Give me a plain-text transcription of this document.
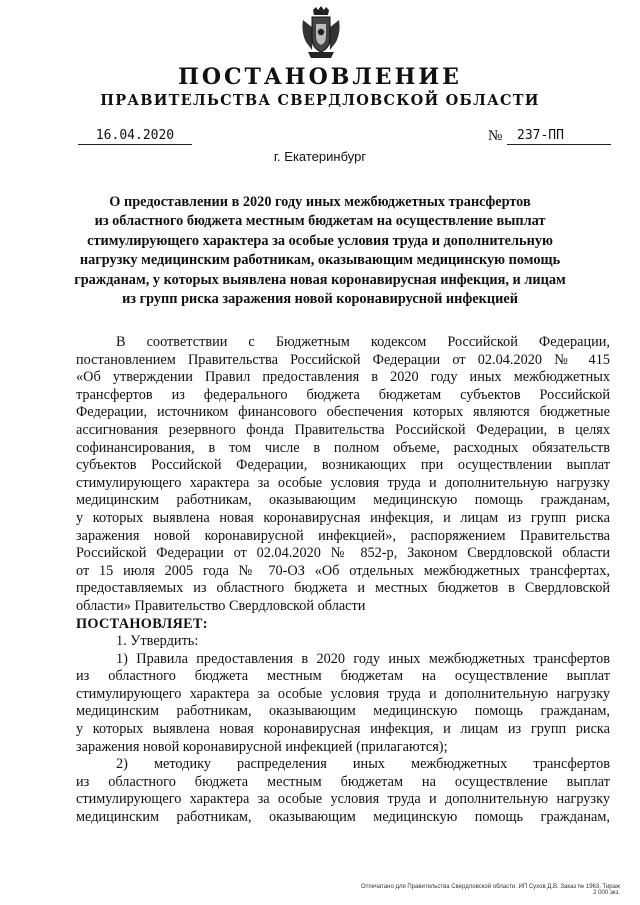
ПОСТАНОВЛЕНИЕ
ПРАВИТЕЛЬСТВА СВЕРДЛОВСКОЙ ОБЛАСТИ
16.04.2020	№	237-ПП
г. Екатеринбург
О предоставлении в 2020 году иных межбюджетных трансфертов
из областного бюджета местным бюджетам на осуществление выплат
стимулирующего характера за особые условия труда и дополнительную
нагрузку медицинским работникам, оказывающим медицинскую помощь
гражданам, у которых выявлена новая коронавирусная инфекция, и лицам
из групп риска заражения новой коронавирусной инфекцией
В соответствии с Бюджетным кодексом Российской Федерации,
постановлением Правительства Российской Федерации от 02.04.2020 № 415
«Об утверждении Правил предоставления в 2020 году иных межбюджетных
трансфертов из федерального бюджета бюджетам субъектов Российской
Федерации, источником финансового обеспечения которых являются бюджетные
ассигнования резервного фонда Правительства Российской Федерации, в целях
софинансирования, в том числе в полном объеме, расходных обязательств
субъектов Российской Федерации, возникающих при осуществлении выплат
стимулирующего характера за особые условия труда и дополнительную нагрузку
медицинским работникам, оказывающим медицинскую помощь гражданам,
у которых выявлена новая коронавирусная инфекция, и лицам из групп риска
заражения новой коронавирусной инфекцией», распоряжением Правительства
Российской Федерации от 02.04.2020 № 852-р, Законом Свердловской области
от 15 июля 2005 года № 70-ОЗ «Об отдельных межбюджетных трансфертах,
предоставляемых из областного бюджета и местных бюджетов в Свердловской
области» Правительство Свердловской области
ПОСТАНОВЛЯЕТ:
1. Утвердить:
1) Правила предоставления в 2020 году иных межбюджетных трансфертов
из областного бюджета местным бюджетам на осуществление выплат
стимулирующего характера за особые условия труда и дополнительную нагрузку
медицинским работникам, оказывающим медицинскую помощь гражданам,
у которых выявлена новая коронавирусная инфекция, и лицам из групп риска
заражения новой коронавирусной инфекцией (прилагаются);
2) методику распределения иных межбюджетных трансфертов
из областного бюджета местным бюджетам на осуществление выплат
стимулирующего характера за особые условия труда и дополнительную нагрузку
медицинским работникам, оказывающим медицинскую помощь гражданам,
Отпечатано для Правительства Свердловской области. ИП Сухов Д.В. Заказ № 1963. Тираж 2 000 экз.
